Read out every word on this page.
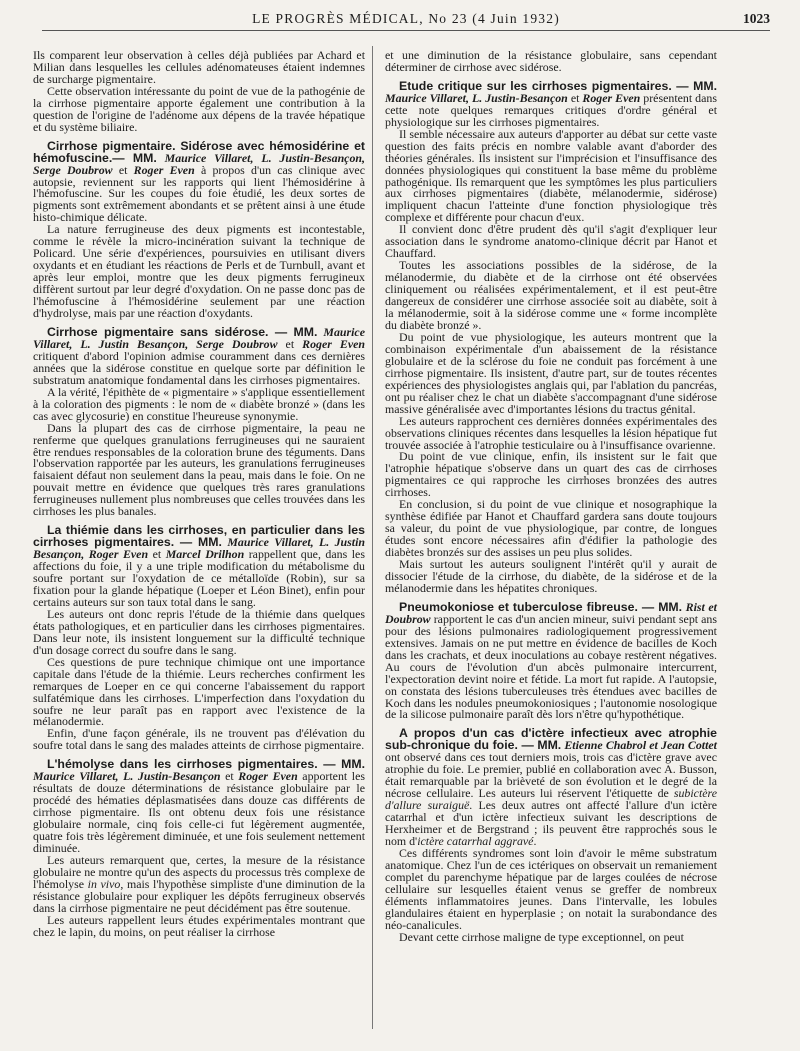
LE PROGRÈS MÉDICAL, No 23 (4 Juin 1932)	1023

Ils comparent leur observation à celles déjà publiées par Achard et Milian dans lesquelles les cellules adénomateuses étaient indemnes de surcharge pigmentaire.

Cette observation intéressante du point de vue de la pathogénie de la cirrhose pigmentaire apporte également une contribution à la question de l'origine de l'adénome aux dépens de la travée hépatique et du système biliaire.

Cirrhose pigmentaire. Sidérose avec hémosidérine et hémofuscine.— MM. Maurice Villaret, L. Justin-Besançon, Serge Doubrow et Roger Even à propos d'un cas clinique avec autopsie, reviennent sur les rapports qui lient l'hémosidérine à l'hémofuscine. Sur les coupes du foie étudié, les deux sortes de pigments sont extrêmement abondants et se prêtent ainsi à une étude histo-chimique délicate.

La nature ferrugineuse des deux pigments est incontestable, comme le révèle la micro-incinération suivant la technique de Policard. Une série d'expériences, poursuivies en utilisant divers oxydants et en étudiant les réactions de Perls et de Turnbull, avant et après leur emploi, montre que les deux pigments ferrugineux diffèrent surtout par leur degré d'oxydation. On ne passe donc pas de l'hémofuscine à l'hémosidérine seulement par une réaction d'hydrolyse, mais par une réaction d'oxydants.

Cirrhose pigmentaire sans sidérose. — MM. Maurice Villaret, L. Justin Besançon, Serge Doubrow et Roger Even critiquent d'abord l'opinion admise couramment dans ces dernières années que la sidérose constitue en quelque sorte par définition le substratum anatomique fondamental dans les cirrhoses pigmentaires.

A la vérité, l'épithète de « pigmentaire » s'applique essentiellement à la coloration des pigments : le nom de « diabète bronzé » (dans les cas avec glycosurie) en constitue l'heureuse synonymie.

Dans la plupart des cas de cirrhose pigmentaire, la peau ne renferme que quelques granulations ferrugineuses qui ne sauraient être rendues responsables de la coloration brune des téguments. Dans l'observation rapportée par les auteurs, les granulations ferrugineuses faisaient défaut non seulement dans la peau, mais dans le foie. On ne pouvait mettre en évidence que quelques très rares granulations ferrugineuses nullement plus nombreuses que celles trouvées dans les cirrhoses les plus banales.

La thiémie dans les cirrhoses, en particulier dans les cirrhoses pigmentaires. — MM. Maurice Villaret, L. Justin Besançon, Roger Even et Marcel Drilhon rappellent que, dans les affections du foie, il y a une triple modification du métabolisme du soufre portant sur l'oxydation de ce métalloïde (Robin), sur sa fixation pour la glande hépatique (Loeper et Léon Binet), enfin pour certains auteurs sur son taux total dans le sang.

Les auteurs ont donc repris l'étude de la thiémie dans quelques états pathologiques, et en particulier dans les cirrhoses pigmentaires. Dans leur note, ils insistent longuement sur la difficulté technique d'un dosage correct du soufre dans le sang.

Ces questions de pure technique chimique ont une importance capitale dans l'étude de la thiémie. Leurs recherches confirment les remarques de Loeper en ce qui concerne l'abaissement du rapport sulfatémique dans les cirrhoses. L'imperfection dans l'oxydation du soufre ne leur paraît pas en rapport avec l'existence de la mélanodermie.

Enfin, d'une façon générale, ils ne trouvent pas d'élévation du soufre total dans le sang des malades atteints de cirrhose pigmentaire.

L'hémolyse dans les cirrhoses pigmentaires. — MM. Maurice Villaret, L. Justin-Besançon et Roger Even apportent les résultats de douze déterminations de résistance globulaire par le procédé des hématies déplasmatisées dans douze cas différents de cirrhose pigmentaire. Ils ont obtenu deux fois une résistance globulaire normale, cinq fois celle-ci fut légèrement augmentée, quatre fois très légèrement diminuée, et une fois seulement nettement diminuée.

Les auteurs remarquent que, certes, la mesure de la résistance globulaire ne montre qu'un des aspects du processus très complexe de l'hémolyse in vivo, mais l'hypothèse simpliste d'une diminution de la résistance globulaire pour expliquer les dépôts ferrugineux observés dans la cirrhose pigmentaire ne peut décidément pas être soutenue.

Les auteurs rappellent leurs études expérimentales montrant que chez le lapin, du moins, on peut réaliser la cirrhose

et une diminution de la résistance globulaire, sans cependant déterminer de cirrhose avec sidérose.

Etude critique sur les cirrhoses pigmentaires. — MM. Maurice Villaret, L. Justin-Besançon et Roger Even présentent dans cette note quelques remarques critiques d'ordre général et physiologique sur les cirrhoses pigmentaires.

Il semble nécessaire aux auteurs d'apporter au débat sur cette vaste question des faits précis en nombre valable avant d'aborder des théories générales. Ils insistent sur l'imprécision et l'insuffisance des données physiologiques qui constituent la base même du problème pathogénique. Ils remarquent que les symptômes les plus particuliers aux cirrhoses pigmentaires (diabète, mélanodermie, sidérose) impliquent chacun l'atteinte d'une fonction physiologique très complexe et différente pour chacun d'eux.

Il convient donc d'être prudent dès qu'il s'agit d'expliquer leur association dans le syndrome anatomo-clinique décrit par Hanot et Chauffard.

Toutes les associations possibles de la sidérose, de la mélanodermie, du diabète et de la cirrhose ont été observées cliniquement ou réalisées expérimentalement, et il est peut-être dangereux de considérer une cirrhose associée soit au diabète, soit à la mélanodermie, soit à la sidérose comme une « forme incomplète du diabète bronzé ».

Du point de vue physiologique, les auteurs montrent que la combinaison expérimentale d'un abaissement de la résistance globulaire et de la sclérose du foie ne conduit pas forcément à une cirrhose pigmentaire. Ils insistent, d'autre part, sur de toutes récentes expériences des physiologistes anglais qui, par l'ablation du pancréas, ont pu réaliser chez le chat un diabète s'accompagnant d'une sidérose massive généralisée avec d'importantes lésions du tractus génital.

Les auteurs rapprochent ces dernières données expérimentales des observations cliniques récentes dans lesquelles la lésion hépatique fut trouvée associée à l'atrophie testiculaire ou à l'insuffisance ovarienne.

Du point de vue clinique, enfin, ils insistent sur le fait que l'atrophie hépatique s'observe dans un quart des cas de cirrhoses pigmentaires ce qui rapproche les cirrhoses bronzées des autres cirrhoses.

En conclusion, si du point de vue clinique et nosographique la synthèse édifiée par Hanot et Chauffard gardera sans doute toujours sa valeur, du point de vue physiologique, par contre, de longues études sont encore nécessaires afin d'édifier la pathologie des diabètes bronzés sur des assises un peu plus solides.

Mais surtout les auteurs soulignent l'intérêt qu'il y aurait de dissocier l'étude de la cirrhose, du diabète, de la sidérose et de la mélanodermie dans les hépatites chroniques.

Pneumokoniose et tuberculose fibreuse. — MM. Rist et Doubrow rapportent le cas d'un ancien mineur, suivi pendant sept ans pour des lésions pulmonaires radiologiquement progressivement extensives. Jamais on ne put mettre en évidence de bacilles de Koch dans les crachats, et deux inoculations au cobaye restèrent négatives. Au cours de l'évolution d'un abcès pulmonaire intercurrent, l'expectoration devint noire et fétide. La mort fut rapide. A l'autopsie, on constata des lésions tuberculeuses très étendues avec bacilles de Koch dans les nodules pneumokoniosiques ; l'autonomie nosologique de la silicose pulmonaire paraît dès lors n'être qu'hypothétique.

A propos d'un cas d'ictère infectieux avec atrophie sub-chronique du foie. — MM. Etienne Chabrol et Jean Cottet ont observé dans ces tout derniers mois, trois cas d'ictère grave avec atrophie du foie. Le premier, publié en collaboration avec A. Busson, était remarquable par la brièveté de son évolution et le degré de la nécrose cellulaire. Les auteurs lui réservent l'étiquette de subictère d'allure suraiguë. Les deux autres ont affecté l'allure d'un ictère catarrhal et d'un ictère infectieux suivant les descriptions de Herxheimer et de Bergstrand ; ils peuvent être rapprochés sous le nom d'ictère catarrhal aggravé.

Ces différents syndromes sont loin d'avoir le même substratum anatomique. Chez l'un de ces ictériques on observait un remaniement complet du parenchyme hépatique par de larges coulées de nécrose cellulaire sur lesquelles étaient venus se greffer de nombreux éléments inflammatoires jeunes. Dans l'intervalle, les lobules glandulaires étaient en hyperplasie ; on notait la surabondance des néo-canalicules.

Devant cette cirrhose maligne de type exceptionnel, on peut
